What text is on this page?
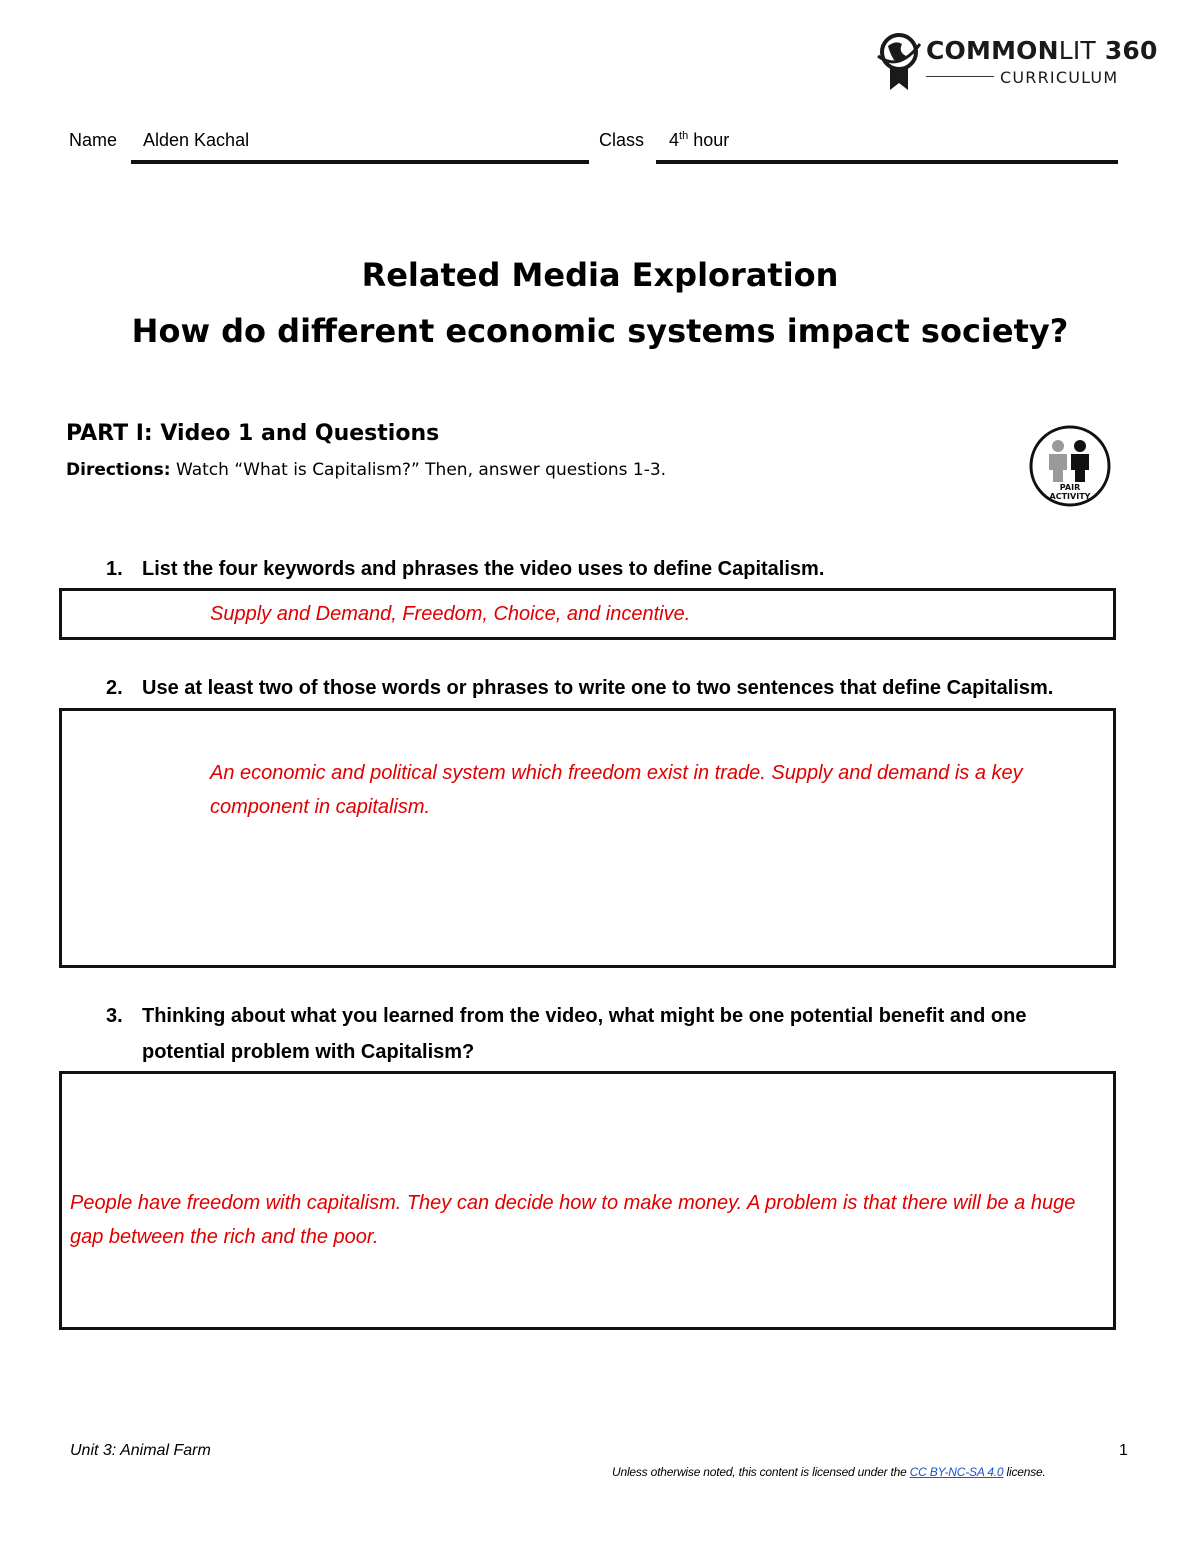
COMMONLIT 360
CURRICULUM
Name Alden Kachal	Class 4th hour
Related Media Exploration
How do different economic systems impact society?
PART I: Video 1 and Questions
Directions: Watch “What is Capitalism?” Then, answer questions 1-3.
PAIR
ACTIVITY
1. List the four keywords and phrases the video uses to define Capitalism.
Supply and Demand, Freedom, Choice, and incentive.
2. Use at least two of those words or phrases to write one to two sentences that define Capitalism.
An economic and political system which freedom exist in trade. Supply and demand is a key component in capitalism.
3. Thinking about what you learned from the video, what might be one potential benefit and one potential problem with Capitalism?
People have freedom with capitalism. They can decide how to make money. A problem is that there will be a huge gap between the rich and the poor.
Unit 3: Animal Farm	1
Unless otherwise noted, this content is licensed under the CC BY-NC-SA 4.0 license.
